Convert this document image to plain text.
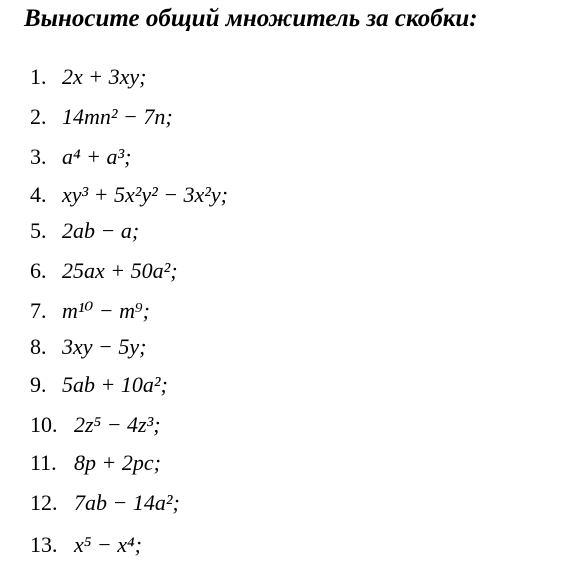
Выносите общий множитель за скобки:
1. 2x + 3xy;
2. 14mn² − 7n;
3. a⁴ + a³;
4. xy³ + 5x²y² − 3x²y;
5. 2ab − a;
6. 25ax + 50a²;
7. m¹⁰ − m⁹;
8. 3xy − 5y;
9. 5ab + 10a²;
10. 2z⁵ − 4z³;
11. 8p + 2pc;
12. 7ab − 14a²;
13. x⁵ − x⁴;
